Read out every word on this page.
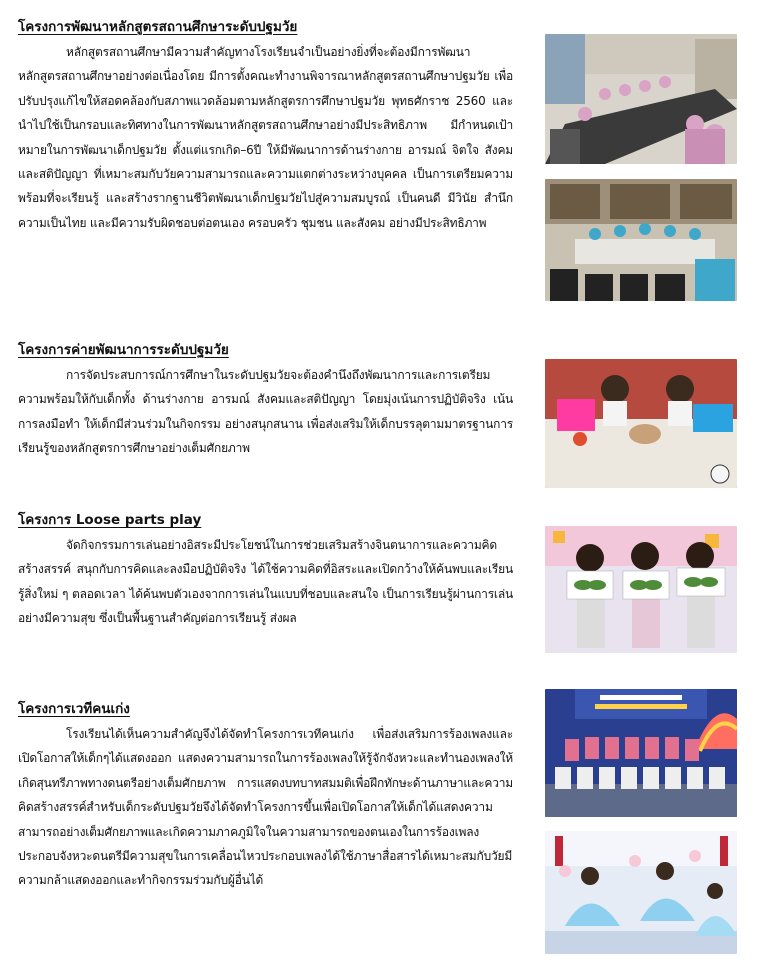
โครงการพัฒนาหลักสูตรสถานศึกษาระดับปฐมวัย

หลักสูตรสถานศึกษามีความสำคัญทางโรงเรียนจำเป็นอย่างยิ่งที่จะต้องมีการพัฒนาหลักสูตรสถานศึกษาอย่างต่อเนื่องโดย มีการตั้งคณะทำงานพิจารณาหลักสูตรสถานศึกษาปฐมวัย เพื่อปรับปรุงแก้ไขให้สอดคล้องกับสภาพแวดล้อมตามหลักสูตรการศึกษาปฐมวัย พุทธศักราช 2560 และนำไปใช้เป็นกรอบและทิศทางในการพัฒนาหลักสูตรสถานศึกษาอย่างมีประสิทธิภาพ มีกำหนดเป้าหมายในการพัฒนาเด็กปฐมวัย ตั้งแต่แรกเกิด–6ปี ให้มีพัฒนาการด้านร่างกาย อารมณ์ จิตใจ สังคม และสติปัญญา ที่เหมาะสมกับวัยความสามารถและความแตกต่างระหว่างบุคคล เป็นการเตรียมความพร้อมที่จะเรียนรู้ และสร้างรากฐานชีวิตพัฒนาเด็กปฐมวัยไปสู่ความสมบูรณ์ เป็นคนดี มีวินัย สำนึกความเป็นไทย และมีความรับผิดชอบต่อตนเอง ครอบครัว ชุมชน และสังคม อย่างมีประสิทธิภาพ

โครงการค่ายพัฒนาการระดับปฐมวัย

การจัดประสบการณ์การศึกษาในระดับปฐมวัยจะต้องคำนึงถึงพัฒนาการและการเตรียมความพร้อมให้กับเด็กทั้ง ด้านร่างกาย อารมณ์ สังคมและสติปัญญา โดยมุ่งเน้นการปฏิบัติจริง เน้นการลงมือทำ ให้เด็กมีส่วนร่วมในกิจกรรม อย่างสนุกสนาน เพื่อส่งเสริมให้เด็กบรรลุตามมาตรฐานการเรียนรู้ของหลักสูตรการศึกษาอย่างเต็มศักยภาพ

โครงการ Loose parts play

จัดกิจกรรมการเล่นอย่างอิสระมีประโยชน์ในการช่วยเสริมสร้างจินตนาการและความคิดสร้างสรรค์ สนุกกับการคิดและลงมือปฏิบัติจริง ได้ใช้ความคิดที่อิสระและเปิดกว้างให้ค้นพบและเรียนรู้สิ่งใหม่ ๆ ตลอดเวลา ได้ค้นพบตัวเองจากการเล่นในแบบที่ชอบและสนใจ เป็นการเรียนรู้ผ่านการเล่นอย่างมีความสุข ซึ่งเป็นพื้นฐานสำคัญต่อการเรียนรู้ ส่งผล

โครงการเวทีคนเก่ง

โรงเรียนได้เห็นความสำคัญจึงได้จัดทำโครงการเวทีคนเก่ง เพื่อส่งเสริมการร้องเพลงและเปิดโอกาสให้เด็กๆได้แสดงออก แสดงความสามารถในการร้องเพลงให้รู้จักจังหวะและทำนองเพลงให้เกิดสุนทรีภาพทางดนตรีอย่างเต็มศักยภาพ การแสดงบทบาทสมมติเพื่อฝึกทักษะด้านภาษาและความคิดสร้างสรรค์สำหรับเด็กระดับปฐมวัยจึงได้จัดทำโครงการขึ้นเพื่อเปิดโอกาสให้เด็กได้แสดงความสามารถอย่างเต็มศักยภาพและเกิดความภาคภูมิใจในความสามารถของตนเองในการร้องเพลงประกอบจังหวะดนตรีมีความสุขในการเคลื่อนไหวประกอบเพลงได้ใช้ภาษาสื่อสารได้เหมาะสมกับวัยมีความกล้าแสดงออกและทำกิจกรรมร่วมกับผู้อื่นได้
